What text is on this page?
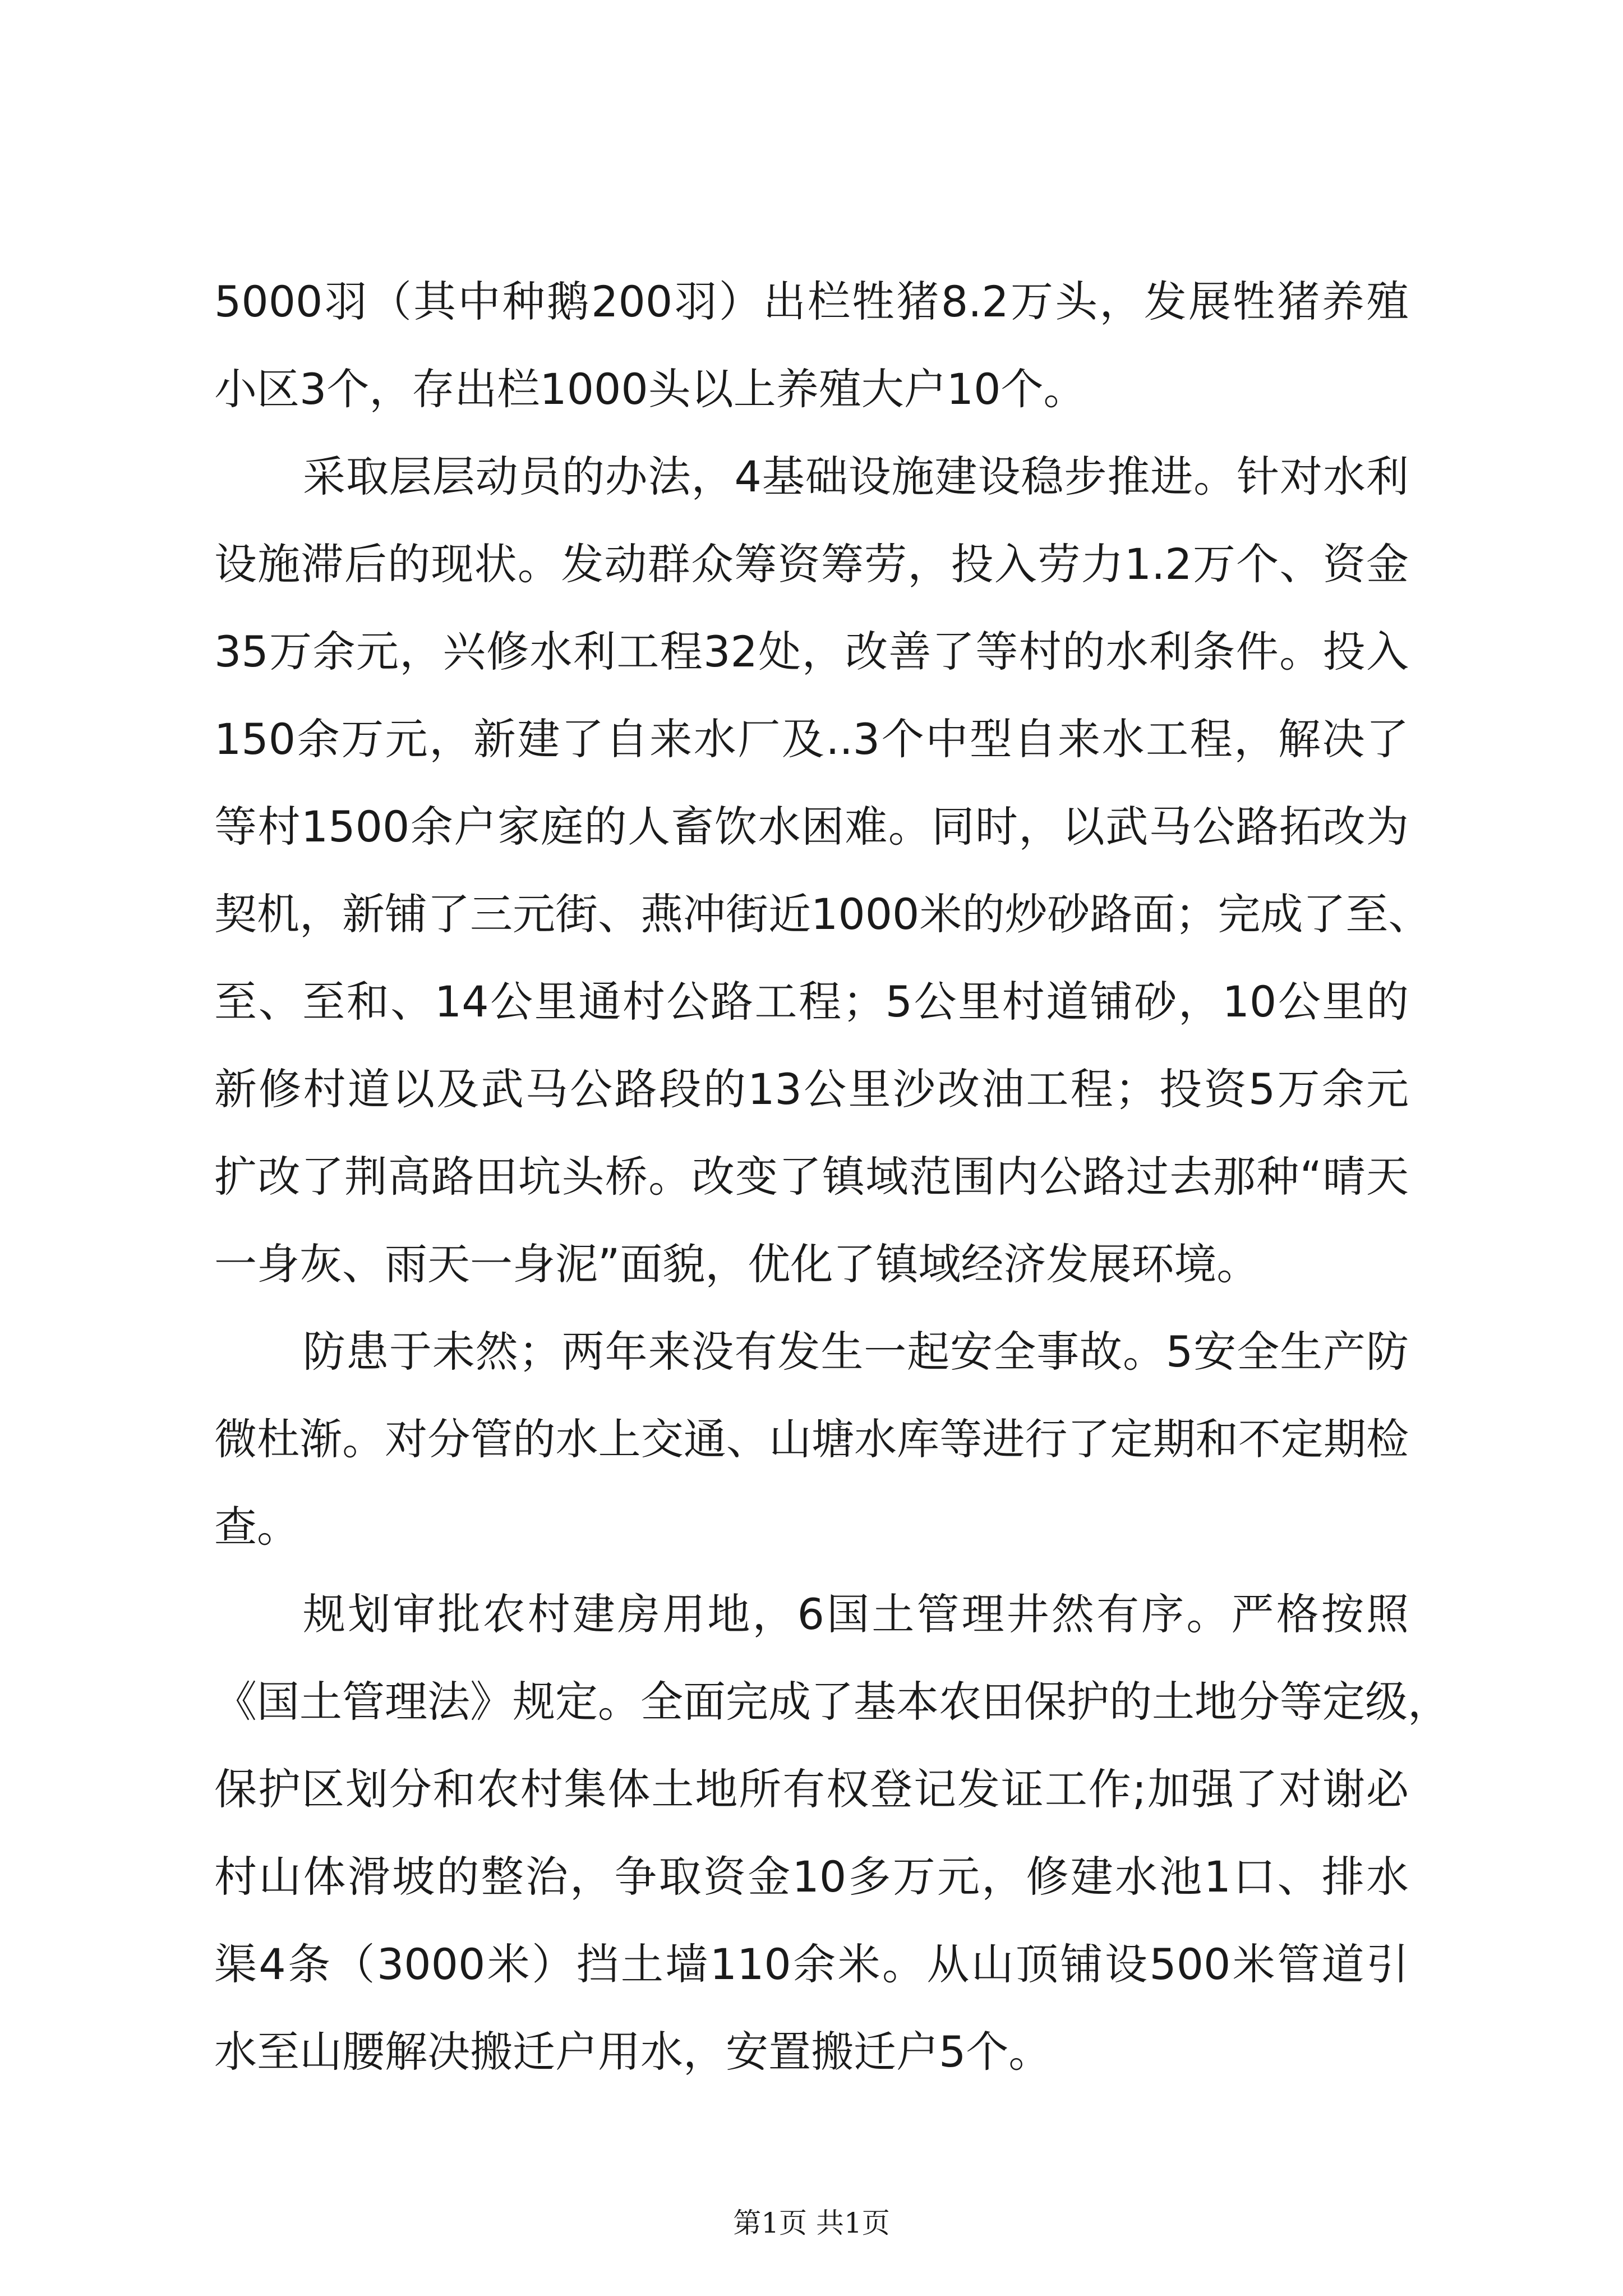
5000羽（其中种鹅200羽）出栏牲猪8.2万头，发展牲猪养殖
小区3个，存出栏1000头以上养殖大户10个。
采取层层动员的办法，4基础设施建设稳步推进。针对水利
设施滞后的现状。发动群众筹资筹劳，投入劳力1.2万个、资金
35万余元，兴修水利工程32处，改善了等村的水利条件。投入
150余万元，新建了自来水厂及..3个中型自来水工程，解决了
等村1500余户家庭的人畜饮水困难。同时，以武马公路拓改为
契机，新铺了三元街、燕冲街近1000米的炒砂路面；完成了至、
至、至和、14公里通村公路工程；5公里村道铺砂，10公里的
新修村道以及武马公路段的13公里沙改油工程；投资5万余元
扩改了荆高路田坑头桥。改变了镇域范围内公路过去那种“晴天
一身灰、雨天一身泥”面貌，优化了镇域经济发展环境。
防患于未然；两年来没有发生一起安全事故。5安全生产防
微杜渐。对分管的水上交通、山塘水库等进行了定期和不定期检
查。
规划审批农村建房用地，6国土管理井然有序。严格按照
《国土管理法》规定。全面完成了基本农田保护的土地分等定级，
保护区划分和农村集体土地所有权登记发证工作;加强了对谢必
村山体滑坡的整治，争取资金10多万元，修建水池1口、排水
渠4条（3000米）挡土墙110余米。从山顶铺设500米管道引
水至山腰解决搬迁户用水，安置搬迁户5个。
第1页 共1页
